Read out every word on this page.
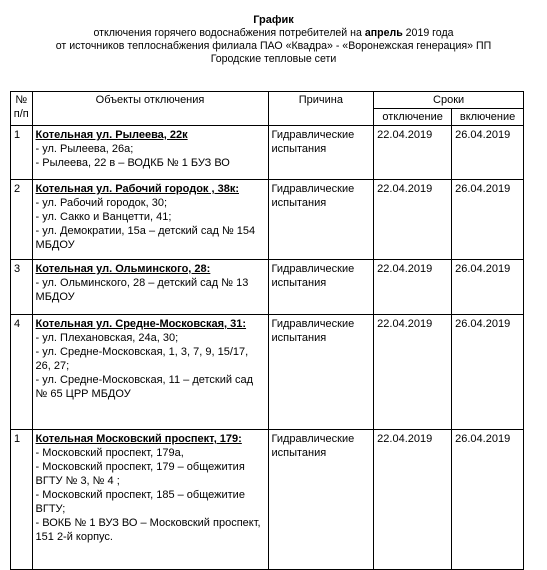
График
отключения горячего водоснабжения потребителей на апрель 2019 года
от источников теплоснабжения филиала ПАО «Квадра» - «Воронежская генерация» ПП
Городские тепловые сети
№ п/п	Объекты отключения	Причина	Сроки	
			отключение	включение
1	Котельная ул. Рылеева, 22к
- ул. Рылеева, 26а;
- Рылеева, 22 в – ВОДКБ № 1 БУЗ ВО	Гидравлические испытания	22.04.2019	26.04.2019
2	Котельная ул. Рабочий городок , 38к:
- ул. Рабочий городок, 30;
- ул. Сакко и Ванцетти, 41;
- ул. Демократии, 15а – детский сад № 154 МБДОУ	Гидравлические испытания	22.04.2019	26.04.2019
3	Котельная ул. Ольминского, 28:
- ул. Ольминского, 28 – детский сад № 13 МБДОУ	Гидравлические испытания	22.04.2019	26.04.2019
4	Котельная ул. Средне-Московская, 31:
- ул. Плехановская, 24а, 30;
- ул. Средне-Московская, 1, 3, 7, 9, 15/17, 26, 27;
- ул. Средне-Московская, 11 – детский сад № 65 ЦРР МБДОУ	Гидравлические испытания	22.04.2019	26.04.2019
1	Котельная Московский проспект, 179:
- Московский проспект, 179а,
- Московский проспект, 179 – общежития ВГТУ № 3, № 4 ;
- Московский проспект, 185 – общежитие ВГТУ;
- ВОКБ № 1 ВУЗ ВО – Московский проспект, 151 2-й корпус.	Гидравлические испытания	22.04.2019	26.04.2019
